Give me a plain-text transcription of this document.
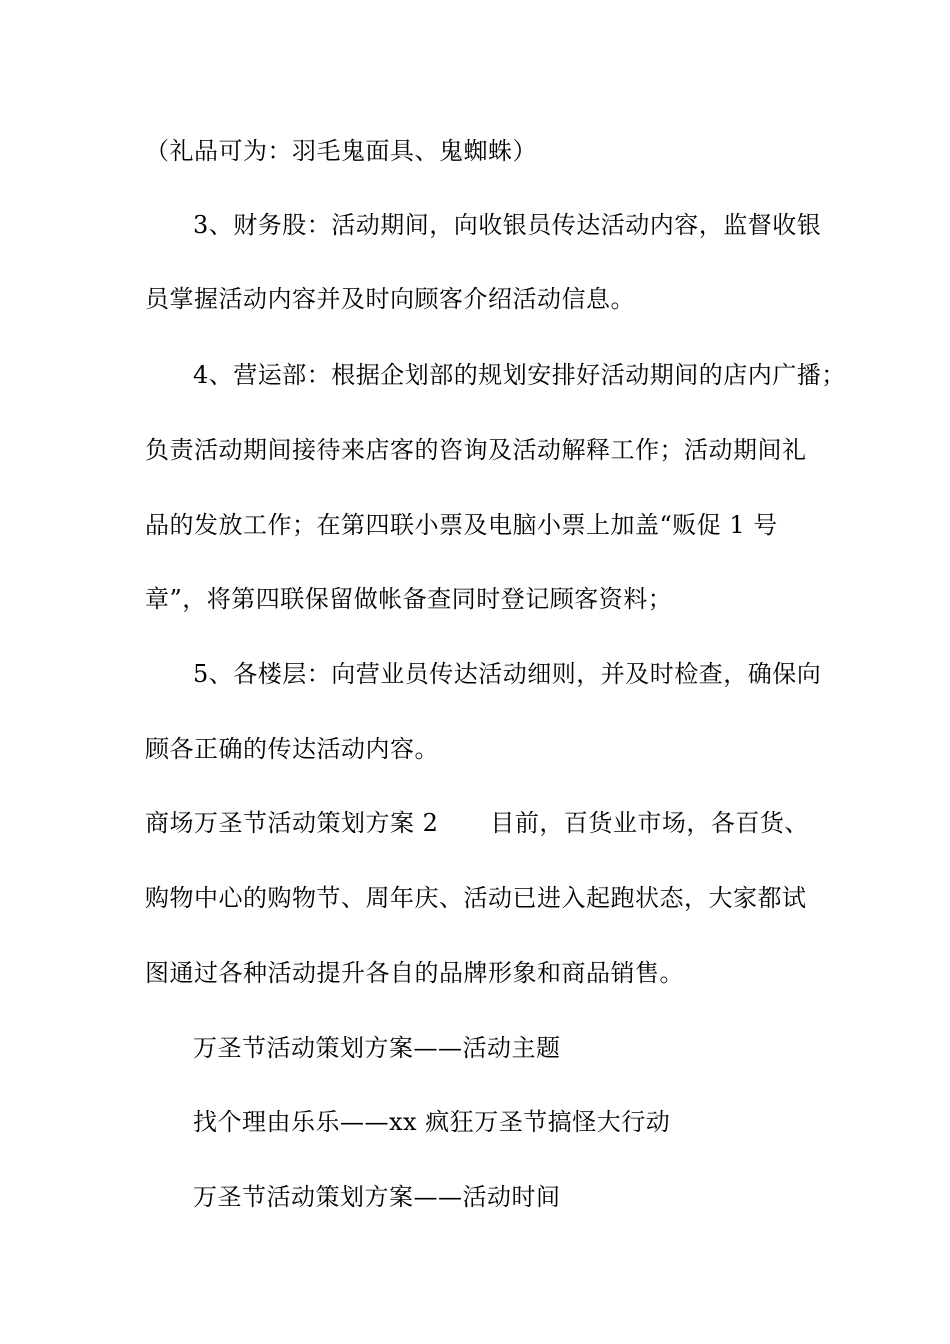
（礼品可为：羽毛鬼面具、鬼蜘蛛）
3、财务股：活动期间，向收银员传达活动内容，监督收银
员掌握活动内容并及时向顾客介绍活动信息。
4、营运部：根据企划部的规划安排好活动期间的店内广播；
负责活动期间接待来店客的咨询及活动解释工作；活动期间礼
品的发放工作；在第四联小票及电脑小票上加盖“贩促 1 号
章”，将第四联保留做帐备查同时登记顾客资料；
5、各楼层：向营业员传达活动细则，并及时检查，确保向
顾各正确的传达活动内容。
商场万圣节活动策划方案 2 目前，百货业市场，各百货、
购物中心的购物节、周年庆、活动已进入起跑状态，大家都试
图通过各种活动提升各自的品牌形象和商品销售。
万圣节活动策划方案——活动主题
找个理由乐乐——xx 疯狂万圣节搞怪大行动
万圣节活动策划方案——活动时间
